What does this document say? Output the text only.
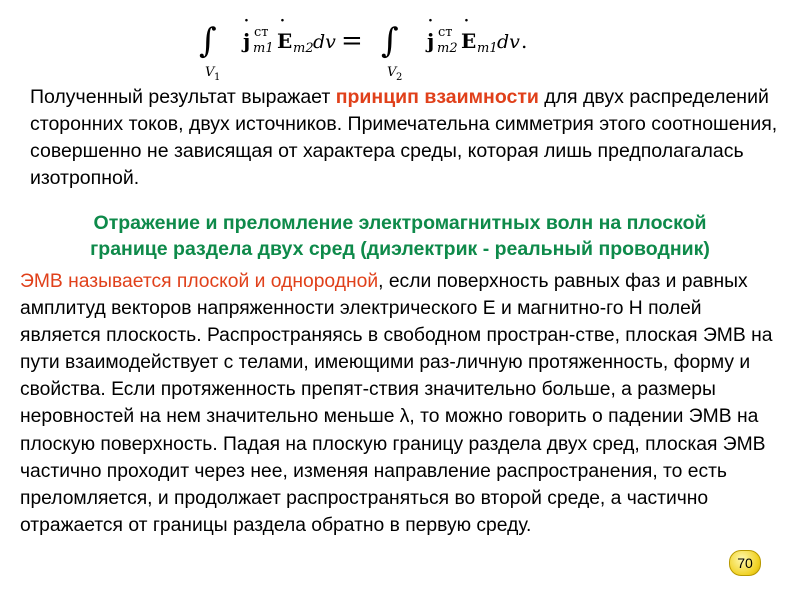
∫
V 1
j
·
ст
m1 E
·
m2 dv = ∫
V 2
j
·
ст
m2 E
·
m1 dv .

Полученный результат выражает принцип взаимности для двух распределений сторонних токов, двух источников. Примечательна симметрия этого соотношения, совершенно не зависящая от характера среды, которая лишь предполагалась изотропной.

Отражение и преломление электромагнитных волн на плоской
границе раздела двух сред (диэлектрик - реальный проводник)

ЭМВ называется плоской и однородной, если поверхность равных фаз и равных амплитуд векторов напряженности электрического Е и магнитно-го Н полей является плоскость. Распространяясь в свободном простран-стве, плоская ЭМВ на пути взаимодействует с телами, имеющими раз-личную протяженность, форму и свойства. Если протяженность препят-ствия значительно больше, а размеры неровностей на нем значительно меньше λ, то можно говорить о падении ЭМВ на плоскую поверхность. Падая на плоскую границу раздела двух сред, плоская ЭМВ частично проходит через нее, изменяя направление распространения, то есть преломляется, и продолжает распространяться во второй среде, а частично отражается от границы раздела обратно в первую среду.

70
